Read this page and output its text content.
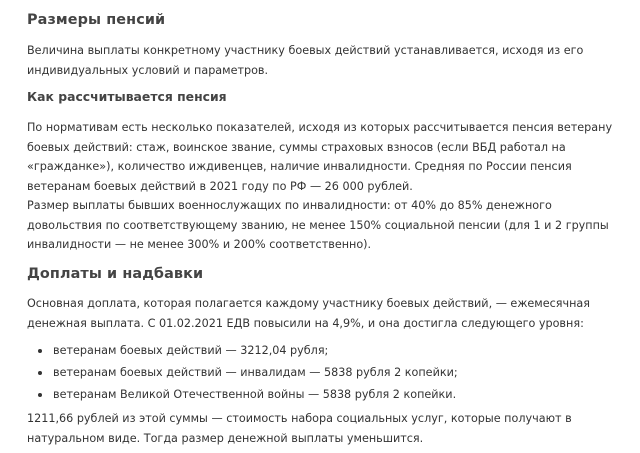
Размеры пенсий

Величина выплаты конкретному участнику боевых действий устанавливается, исходя из его индивидуальных условий и параметров.

Как рассчитывается пенсия

По нормативам есть несколько показателей, исходя из которых рассчитывается пенсия ветерану боевых действий: стаж, воинское звание, суммы страховых взносов (если ВБД работал на «гражданке»), количество иждивенцев, наличие инвалидности. Средняя по России пенсия ветеранам боевых действий в 2021 году по РФ — 26 000 рублей.

Размер выплаты бывших военнослужащих по инвалидности: от 40% до 85% денежного довольствия по соответствующему званию, не менее 150% социальной пенсии (для 1 и 2 группы инвалидности — не менее 300% и 200% соответственно).

Доплаты и надбавки

Основная доплата, которая полагается каждому участнику боевых действий, — ежемесячная денежная выплата. С 01.02.2021 ЕДВ повысили на 4,9%, и она достигла следующего уровня:

ветеранам боевых действий — 3212,04 рубля;
ветеранам боевых действий — инвалидам — 5838 рубля 2 копейки;
ветеранам Великой Отечественной войны — 5838 рубля 2 копейки.

1211,66 рублей из этой суммы — стоимость набора социальных услуг, которые получают в натуральном виде. Тогда размер денежной выплаты уменьшится.
